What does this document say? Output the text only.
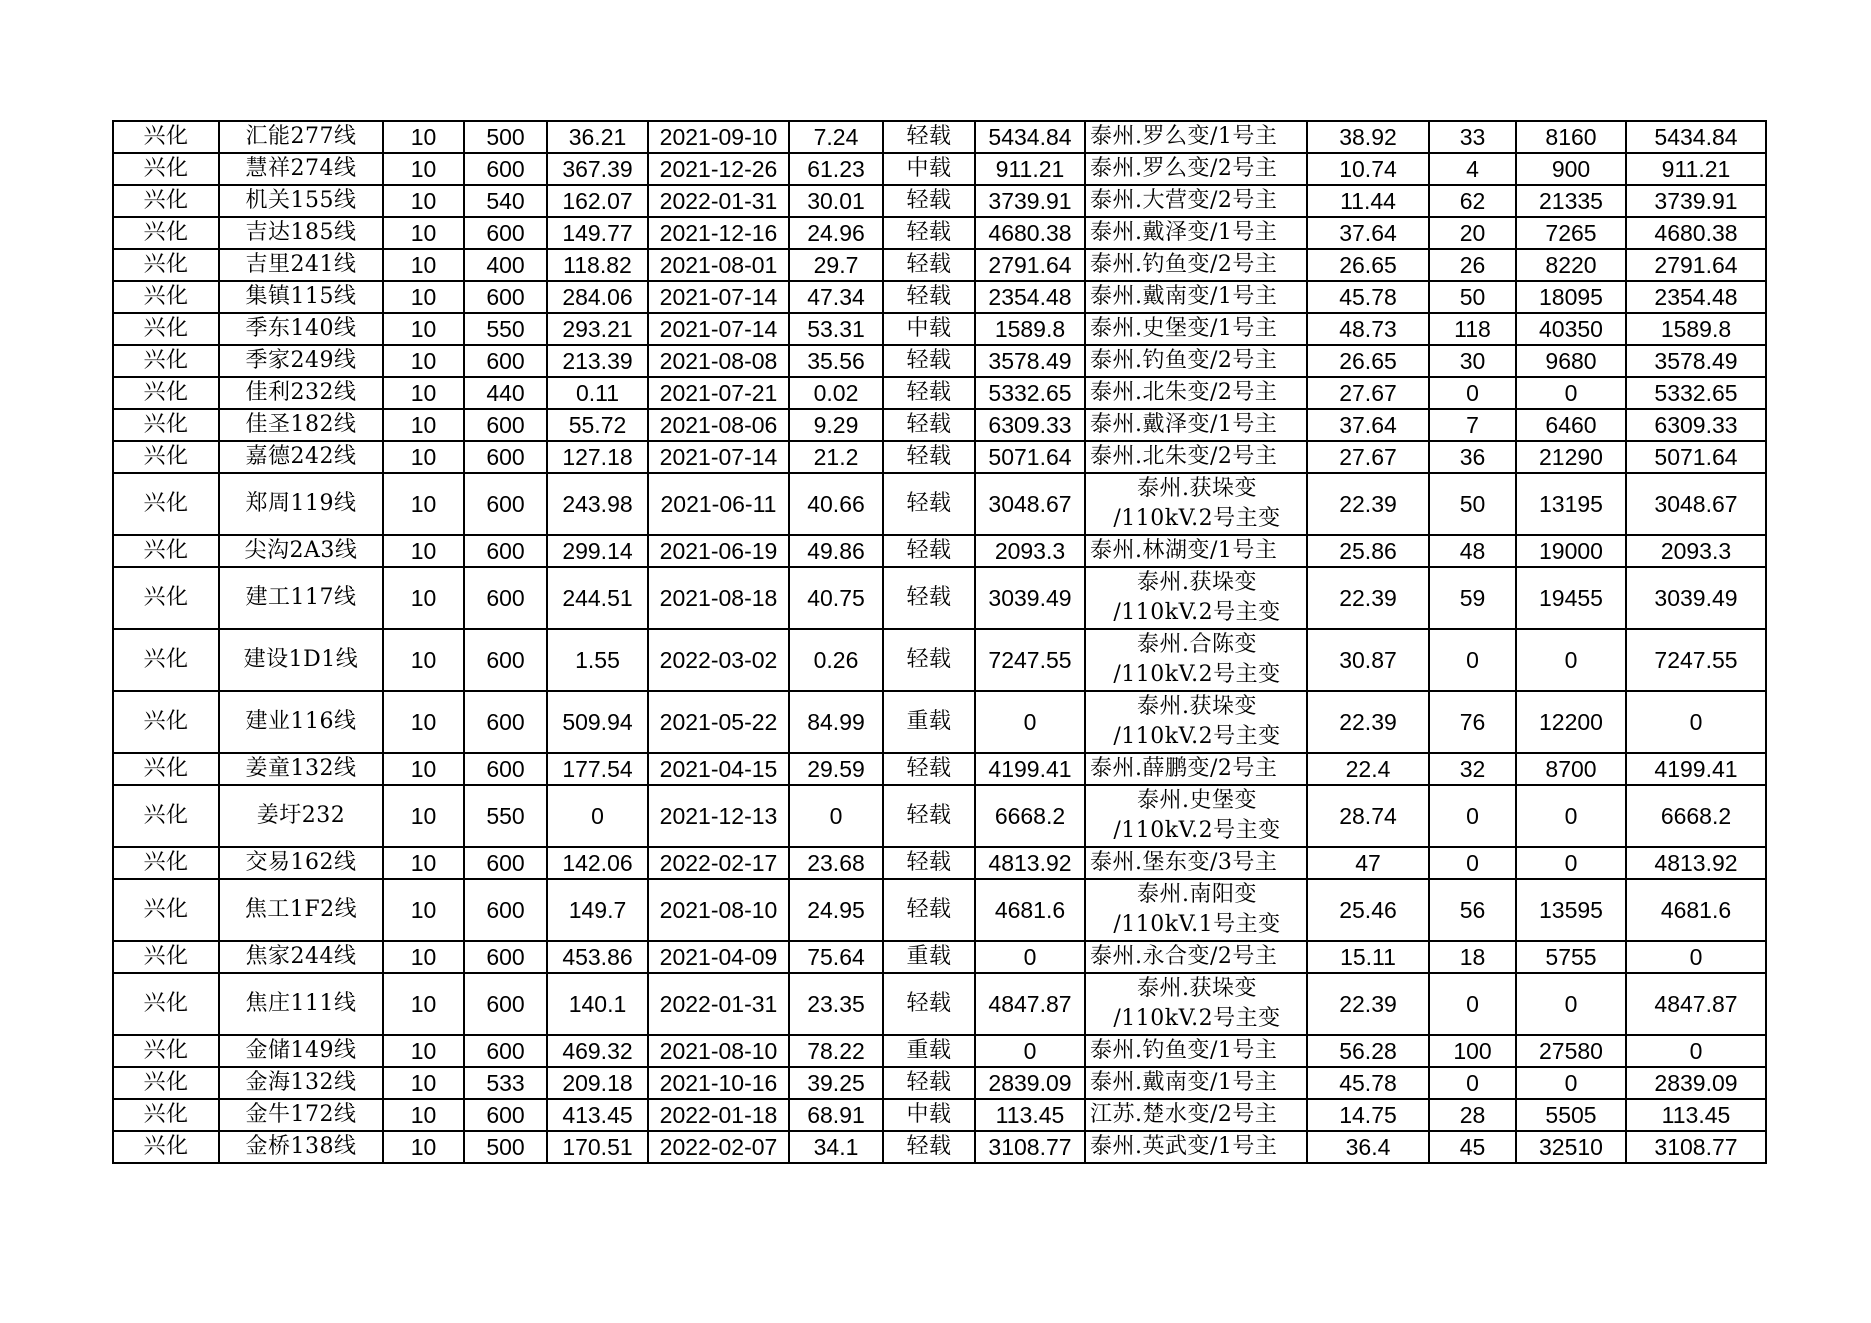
兴化	汇能277线	10	500	36.21	2021-09-10	7.24	轻载	5434.84	泰州.罗么变/1号主	38.92	33	8160	5434.84
兴化	慧祥274线	10	600	367.39	2021-12-26	61.23	中载	911.21	泰州.罗么变/2号主	10.74	4	900	911.21
兴化	机关155线	10	540	162.07	2022-01-31	30.01	轻载	3739.91	泰州.大营变/2号主	11.44	62	21335	3739.91
兴化	吉达185线	10	600	149.77	2021-12-16	24.96	轻载	4680.38	泰州.戴泽变/1号主	37.64	20	7265	4680.38
兴化	吉里241线	10	400	118.82	2021-08-01	29.7	轻载	2791.64	泰州.钓鱼变/2号主	26.65	26	8220	2791.64
兴化	集镇115线	10	600	284.06	2021-07-14	47.34	轻载	2354.48	泰州.戴南变/1号主	45.78	50	18095	2354.48
兴化	季东140线	10	550	293.21	2021-07-14	53.31	中载	1589.8	泰州.史堡变/1号主	48.73	118	40350	1589.8
兴化	季家249线	10	600	213.39	2021-08-08	35.56	轻载	3578.49	泰州.钓鱼变/2号主	26.65	30	9680	3578.49
兴化	佳利232线	10	440	0.11	2021-07-21	0.02	轻载	5332.65	泰州.北朱变/2号主	27.67	0	0	5332.65
兴化	佳圣182线	10	600	55.72	2021-08-06	9.29	轻载	6309.33	泰州.戴泽变/1号主	37.64	7	6460	6309.33
兴化	嘉德242线	10	600	127.18	2021-07-14	21.2	轻载	5071.64	泰州.北朱变/2号主	27.67	36	21290	5071.64
兴化	郑周119线	10	600	243.98	2021-06-11	40.66	轻载	3048.67	泰州.获垛变
/110kV.2号主变	22.39	50	13195	3048.67
兴化	尖沟2A3线	10	600	299.14	2021-06-19	49.86	轻载	2093.3	泰州.林湖变/1号主	25.86	48	19000	2093.3
兴化	建工117线	10	600	244.51	2021-08-18	40.75	轻载	3039.49	泰州.获垛变
/110kV.2号主变	22.39	59	19455	3039.49
兴化	建设1D1线	10	600	1.55	2022-03-02	0.26	轻载	7247.55	泰州.合陈变
/110kV.2号主变	30.87	0	0	7247.55
兴化	建业116线	10	600	509.94	2021-05-22	84.99	重载	0	泰州.获垛变
/110kV.2号主变	22.39	76	12200	0
兴化	姜童132线	10	600	177.54	2021-04-15	29.59	轻载	4199.41	泰州.薛鹏变/2号主	22.4	32	8700	4199.41
兴化	姜圩232	10	550	0	2021-12-13	0	轻载	6668.2	泰州.史堡变
/110kV.2号主变	28.74	0	0	6668.2
兴化	交易162线	10	600	142.06	2022-02-17	23.68	轻载	4813.92	泰州.堡东变/3号主	47	0	0	4813.92
兴化	焦工1F2线	10	600	149.7	2021-08-10	24.95	轻载	4681.6	泰州.南阳变
/110kV.1号主变	25.46	56	13595	4681.6
兴化	焦家244线	10	600	453.86	2021-04-09	75.64	重载	0	泰州.永合变/2号主	15.11	18	5755	0
兴化	焦庄111线	10	600	140.1	2022-01-31	23.35	轻载	4847.87	泰州.获垛变
/110kV.2号主变	22.39	0	0	4847.87
兴化	金储149线	10	600	469.32	2021-08-10	78.22	重载	0	泰州.钓鱼变/1号主	56.28	100	27580	0
兴化	金海132线	10	533	209.18	2021-10-16	39.25	轻载	2839.09	泰州.戴南变/1号主	45.78	0	0	2839.09
兴化	金牛172线	10	600	413.45	2022-01-18	68.91	中载	113.45	江苏.楚水变/2号主	14.75	28	5505	113.45
兴化	金桥138线	10	500	170.51	2022-02-07	34.1	轻载	3108.77	泰州.英武变/1号主	36.4	45	32510	3108.77
